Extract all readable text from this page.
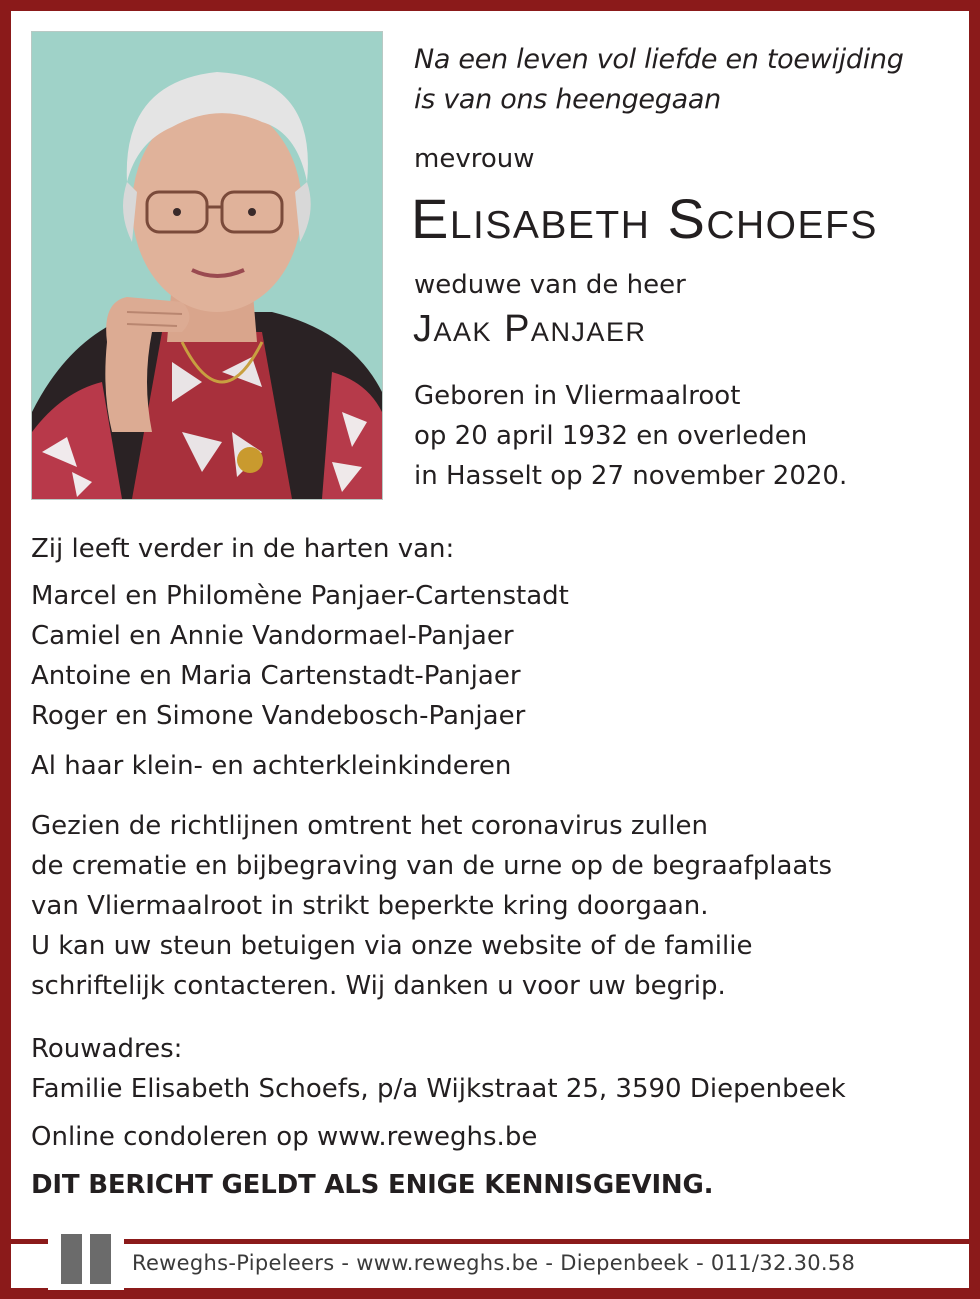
Na een leven vol liefde en toewijding
is van ons heengegaan
mevrouw
Elisabeth Schoefs
weduwe van de heer
Jaak Panjaer
Geboren in Vliermaalroot
op 20 april 1932 en overleden
in Hasselt op 27 november 2020.
Zij leeft verder in de harten van:
Marcel en Philomène Panjaer-Cartenstadt
Camiel en Annie Vandormael-Panjaer
Antoine en Maria Cartenstadt-Panjaer
Roger en Simone Vandebosch-Panjaer
Al haar klein- en achterkleinkinderen
Gezien de richtlijnen omtrent het coronavirus zullen
de crematie en bijbegraving van de urne op de begraafplaats
van Vliermaalroot in strikt beperkte kring doorgaan.
U kan uw steun betuigen via onze website of de familie
schriftelijk contacteren. Wij danken u voor uw begrip.
Rouwadres:
Familie Elisabeth Schoefs, p/a Wijkstraat 25, 3590 Diepenbeek
Online condoleren op www.reweghs.be
DIT BERICHT GELDT ALS ENIGE KENNISGEVING.
Reweghs-Pipeleers - www.reweghs.be - Diepenbeek - 011/32.30.58
